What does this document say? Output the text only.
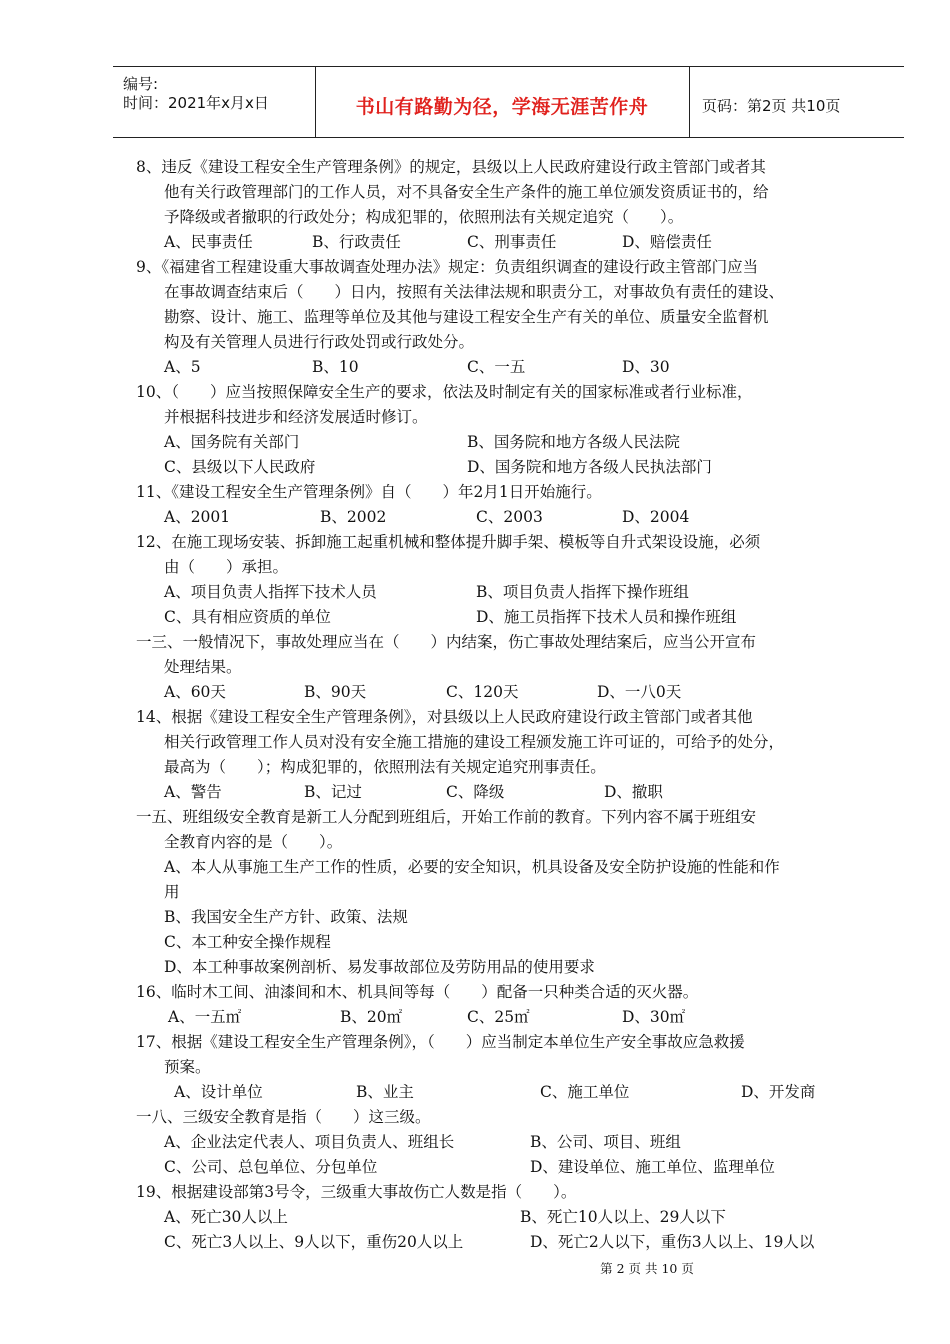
编号:
时间：2021年x月x日	书山有路勤为径，学海无涯苦作舟	页码：第2页 共10页
8、违反《建设工程安全生产管理条例》的规定，县级以上人民政府建设行政主管部门或者其
他有关行政管理部门的工作人员，对不具备安全生产条件的施工单位颁发资质证书的，给
予降级或者撤职的行政处分；构成犯罪的，依照刑法有关规定追究（　　）。
A、民事责任	B、行政责任	C、刑事责任	D、赔偿责任
9、《福建省工程建设重大事故调查处理办法》规定：负责组织调查的建设行政主管部门应当
在事故调查结束后（　　）日内，按照有关法律法规和职责分工，对事故负有责任的建设、
勘察、设计、施工、监理等单位及其他与建设工程安全生产有关的单位、质量安全监督机
构及有关管理人员进行行政处罚或行政处分。
A、5	B、10	C、一五	D、30
10、（　　）应当按照保障安全生产的要求，依法及时制定有关的国家标准或者行业标准，
并根据科技进步和经济发展适时修订。
A、国务院有关部门	B、国务院和地方各级人民法院
C、县级以下人民政府	D、国务院和地方各级人民执法部门
11、《建设工程安全生产管理条例》自（　　）年2月1日开始施行。
A、2001	B、2002	C、2003	D、2004
12、在施工现场安装、拆卸施工起重机械和整体提升脚手架、模板等自升式架设设施，必须
由（　　）承担。
A、项目负责人指挥下技术人员	B、项目负责人指挥下操作班组
C、具有相应资质的单位	D、施工员指挥下技术人员和操作班组
一三、一般情况下，事故处理应当在（　　）内结案，伤亡事故处理结案后，应当公开宣布
处理结果。
A、60天	B、90天	C、120天	D、一八0天
14、根据《建设工程安全生产管理条例》，对县级以上人民政府建设行政主管部门或者其他
相关行政管理工作人员对没有安全施工措施的建设工程颁发施工许可证的，可给予的处分，
最高为（　　）；构成犯罪的，依照刑法有关规定追究刑事责任。
A、警告	B、记过	C、降级	D、撤职
一五、班组级安全教育是新工人分配到班组后，开始工作前的教育。下列内容不属于班组安
全教育内容的是（　　）。
A、本人从事施工生产工作的性质，必要的安全知识，机具设备及安全防护设施的性能和作
用
B、我国安全生产方针、政策、法规
C、本工种安全操作规程
D、本工种事故案例剖析、易发事故部位及劳防用品的使用要求
16、临时木工间、油漆间和木、机具间等每（　　）配备一只种类合适的灭火器。
A、一五㎡	B、20㎡	C、25㎡	D、30㎡
17、根据《建设工程安全生产管理条例》，（　　）应当制定本单位生产安全事故应急救援
预案。
A、设计单位	B、业主	C、施工单位	D、开发商
一八、三级安全教育是指（　　）这三级。
A、企业法定代表人、项目负责人、班组长	B、公司、项目、班组
C、公司、总包单位、分包单位	D、建设单位、施工单位、监理单位
19、根据建设部第3号令，三级重大事故伤亡人数是指（　　）。
A、死亡30人以上	B、死亡10人以上、29人以下
C、死亡3人以上、9人以下，重伤20人以上	D、死亡2人以下，重伤3人以上、19人以
第 2 页 共 10 页
